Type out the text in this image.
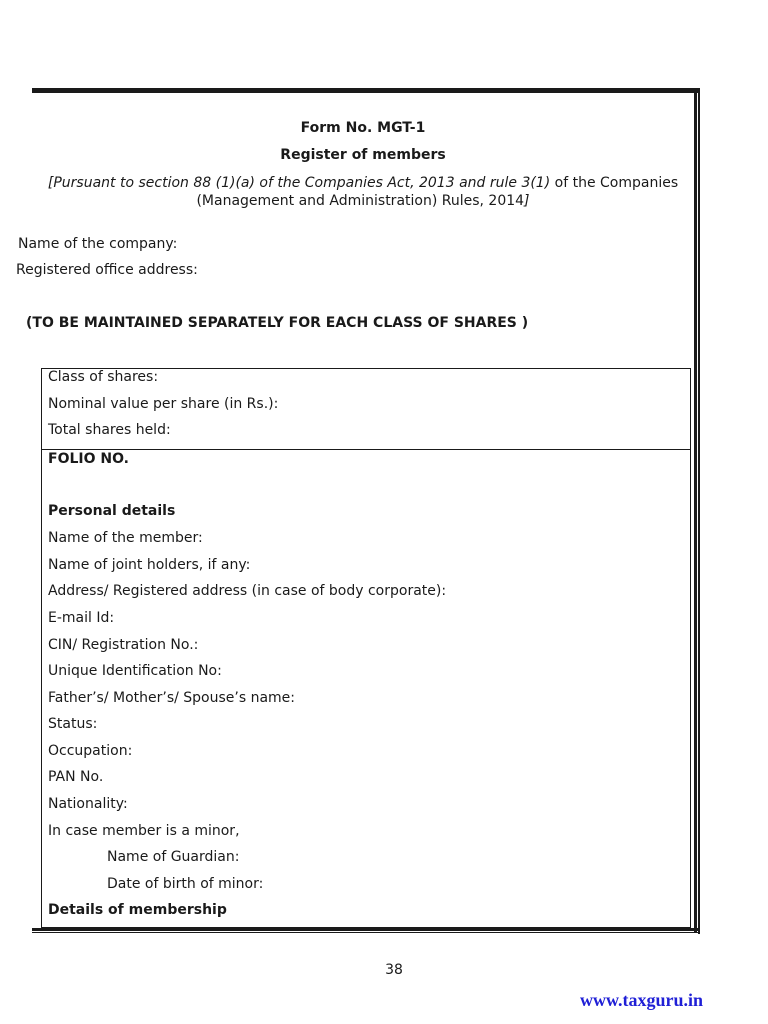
Form No. MGT-1
Register of members
[Pursuant to section 88 (1)(a) of the Companies Act, 2013 and rule 3(1) of the Companies
(Management and Administration) Rules, 2014]
Name of the company:
Registered office address:
(TO BE MAINTAINED SEPARATELY FOR EACH CLASS OF SHARES )
Class of shares:
Nominal value per share (in Rs.):
Total shares held:
FOLIO NO.
Personal details
Name of the member:
Name of joint holders, if any:
Address/ Registered address (in case of body corporate):
E-mail Id:
CIN/ Registration No.:
Unique Identification No:
Father’s/ Mother’s/ Spouse’s name:
Status:
Occupation:
PAN No.
Nationality:
In case member is a minor,
Name of Guardian:
Date of birth of minor:
Details of membership
38
www.taxguru.in
